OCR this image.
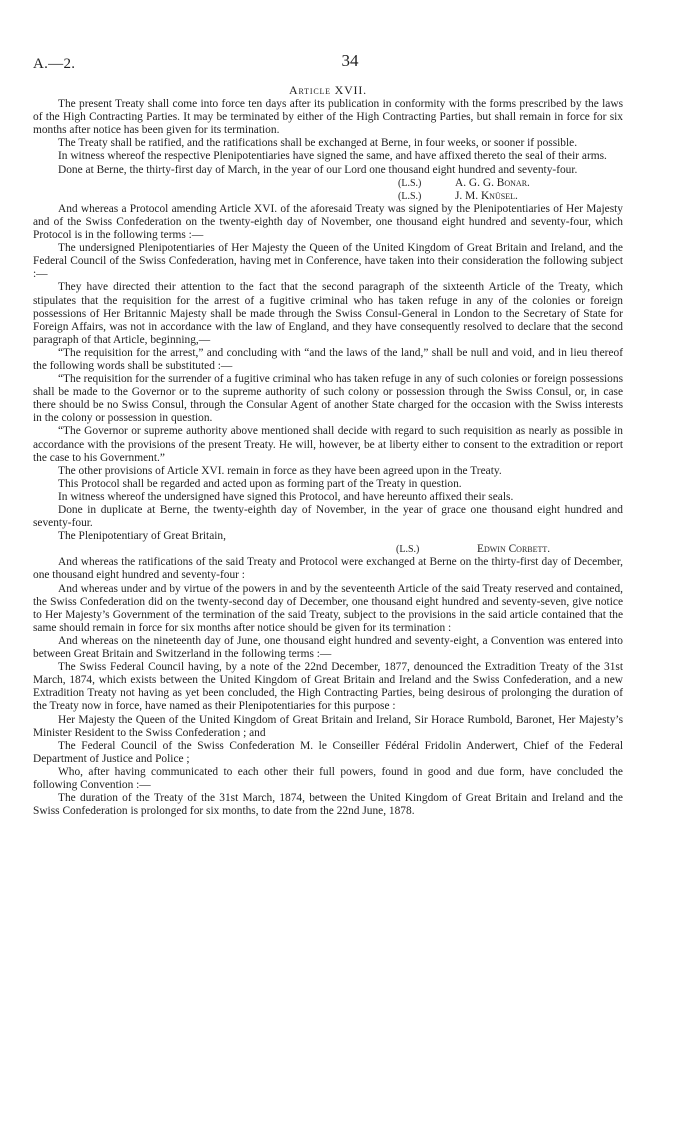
A.—2.	34

Article XVII.

The present Treaty shall come into force ten days after its publication in conformity with the forms prescribed by the laws of the High Contracting Parties. It may be terminated by either of the High Contracting Parties, but shall remain in force for six months after notice has been given for its termination.

The Treaty shall be ratified, and the ratifications shall be exchanged at Berne, in four weeks, or sooner if possible.

In witness whereof the respective Plenipotentiaries have signed the same, and have affixed thereto the seal of their arms.

Done at Berne, the thirty-first day of March, in the year of our Lord one thousand eight hundred and seventy-four.

(L.S.)	A. G. G. Bonar.
(L.S.)	J. M. Knüsel.

And whereas a Protocol amending Article XVI. of the aforesaid Treaty was signed by the Plenipotentiaries of Her Majesty and of the Swiss Confederation on the twenty-eighth day of November, one thousand eight hundred and seventy-four, which Protocol is in the following terms :—

The undersigned Plenipotentiaries of Her Majesty the Queen of the United Kingdom of Great Britain and Ireland, and the Federal Council of the Swiss Confederation, having met in Conference, have taken into their consideration the following subject :—

They have directed their attention to the fact that the second paragraph of the sixteenth Article of the Treaty, which stipulates that the requisition for the arrest of a fugitive criminal who has taken refuge in any of the colonies or foreign possessions of Her Britannic Majesty shall be made through the Swiss Consul-General in London to the Secretary of State for Foreign Affairs, was not in accordance with the law of England, and they have consequently resolved to declare that the second paragraph of that Article, beginning,—

“The requisition for the arrest,” and concluding with “and the laws of the land,” shall be null and void, and in lieu thereof the following words shall be substituted :—

“The requisition for the surrender of a fugitive criminal who has taken refuge in any of such colonies or foreign possessions shall be made to the Governor or to the supreme authority of such colony or possession through the Swiss Consul, or, in case there should be no Swiss Consul, through the Consular Agent of another State charged for the occasion with the Swiss interests in the colony or possession in question.

“The Governor or supreme authority above mentioned shall decide with regard to such requisition as nearly as possible in accordance with the provisions of the present Treaty. He will, however, be at liberty either to consent to the extradition or report the case to his Government.”

The other provisions of Article XVI. remain in force as they have been agreed upon in the Treaty.

This Protocol shall be regarded and acted upon as forming part of the Treaty in question.

In witness whereof the undersigned have signed this Protocol, and have hereunto affixed their seals.

Done in duplicate at Berne, the twenty-eighth day of November, in the year of grace one thousand eight hundred and seventy-four.

The Plenipotentiary of Great Britain,

(L.S.)	Edwin Corbett.

And whereas the ratifications of the said Treaty and Protocol were exchanged at Berne on the thirty-first day of December, one thousand eight hundred and seventy-four :

And whereas under and by virtue of the powers in and by the seventeenth Article of the said Treaty reserved and contained, the Swiss Confederation did on the twenty-second day of December, one thousand eight hundred and seventy-seven, give notice to Her Majesty’s Government of the termination of the said Treaty, subject to the provisions in the said article contained that the same should remain in force for six months after notice should be given for its termination :

And whereas on the nineteenth day of June, one thousand eight hundred and seventy-eight, a Convention was entered into between Great Britain and Switzerland in the following terms :—

The Swiss Federal Council having, by a note of the 22nd December, 1877, denounced the Extradition Treaty of the 31st March, 1874, which exists between the United Kingdom of Great Britain and Ireland and the Swiss Confederation, and a new Extradition Treaty not having as yet been concluded, the High Contracting Parties, being desirous of prolonging the duration of the Treaty now in force, have named as their Plenipotentiaries for this purpose :

Her Majesty the Queen of the United Kingdom of Great Britain and Ireland, Sir Horace Rumbold, Baronet, Her Majesty’s Minister Resident to the Swiss Confederation ; and

The Federal Council of the Swiss Confederation M. le Conseiller Fédéral Fridolin Anderwert, Chief of the Federal Department of Justice and Police ;

Who, after having communicated to each other their full powers, found in good and due form, have concluded the following Convention :—

The duration of the Treaty of the 31st March, 1874, between the United Kingdom of Great Britain and Ireland and the Swiss Confederation is prolonged for six months, to date from the 22nd June, 1878.
